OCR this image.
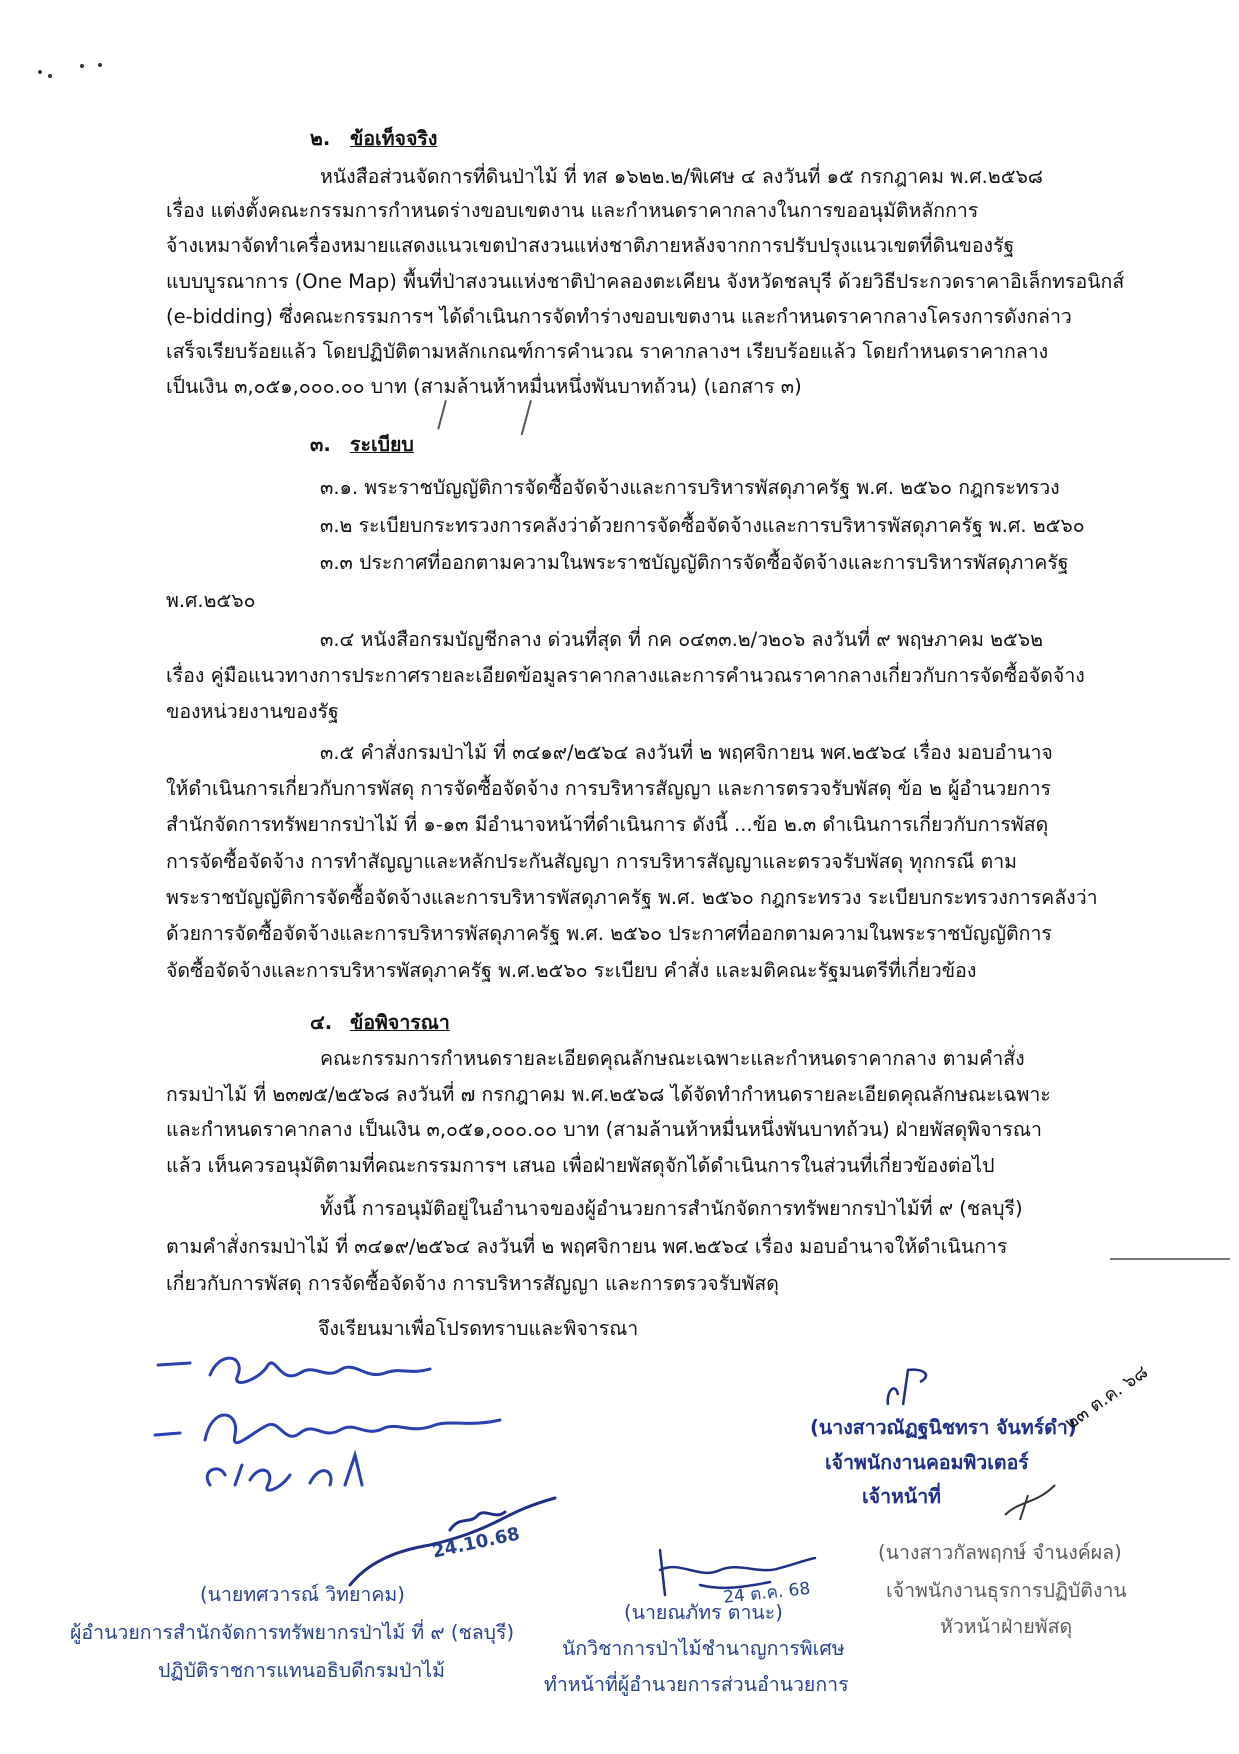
๒. ข้อเท็จจริง
หนังสือส่วนจัดการที่ดินป่าไม้ ที่ ทส ๑๖๒๒.๒/พิเศษ ๔ ลงวันที่ ๑๕ กรกฎาคม พ.ศ.๒๕๖๘
เรื่อง แต่งตั้งคณะกรรมการกำหนดร่างขอบเขตงาน และกำหนดราคากลางในการขออนุมัติหลักการ
จ้างเหมาจัดทำเครื่องหมายแสดงแนวเขตป่าสงวนแห่งชาติภายหลังจากการปรับปรุงแนวเขตที่ดินของรัฐ
แบบบูรณาการ (One Map) พื้นที่ป่าสงวนแห่งชาติป่าคลองตะเคียน จังหวัดชลบุรี ด้วยวิธีประกวดราคาอิเล็กทรอนิกส์
(e-bidding) ซึ่งคณะกรรมการฯ ได้ดำเนินการจัดทำร่างขอบเขตงาน และกำหนดราคากลางโครงการดังกล่าว
เสร็จเรียบร้อยแล้ว โดยปฏิบัติตามหลักเกณฑ์การคำนวณ ราคากลางฯ เรียบร้อยแล้ว โดยกำหนดราคากลาง
เป็นเงิน ๓,๐๕๑,๐๐๐.๐๐ บาท (สามล้านห้าหมื่นหนึ่งพันบาทถ้วน) (เอกสาร ๓)
๓. ระเบียบ
๓.๑. พระราชบัญญัติการจัดซื้อจัดจ้างและการบริหารพัสดุภาครัฐ พ.ศ. ๒๕๖๐ กฎกระทรวง
๓.๒ ระเบียบกระทรวงการคลังว่าด้วยการจัดซื้อจัดจ้างและการบริหารพัสดุภาครัฐ พ.ศ. ๒๕๖๐
๓.๓ ประกาศที่ออกตามความในพระราชบัญญัติการจัดซื้อจัดจ้างและการบริหารพัสดุภาครัฐ
พ.ศ.๒๕๖๐
๓.๔ หนังสือกรมบัญชีกลาง ด่วนที่สุด ที่ กค ๐๔๓๓.๒/ว๒๐๖ ลงวันที่ ๙ พฤษภาคม ๒๕๖๒
เรื่อง คู่มือแนวทางการประกาศรายละเอียดข้อมูลราคากลางและการคำนวณราคากลางเกี่ยวกับการจัดซื้อจัดจ้าง
ของหน่วยงานของรัฐ
๓.๕ คำสั่งกรมป่าไม้ ที่ ๓๔๑๙/๒๕๖๔ ลงวันที่ ๒ พฤศจิกายน พศ.๒๕๖๔ เรื่อง มอบอำนาจ
ให้ดำเนินการเกี่ยวกับการพัสดุ การจัดซื้อจัดจ้าง การบริหารสัญญา และการตรวจรับพัสดุ ข้อ ๒ ผู้อำนวยการ
สำนักจัดการทรัพยากรป่าไม้ ที่ ๑-๑๓ มีอำนาจหน้าที่ดำเนินการ ดังนี้ ...ข้อ ๒.๓ ดำเนินการเกี่ยวกับการพัสดุ
การจัดซื้อจัดจ้าง การทำสัญญาและหลักประกันสัญญา การบริหารสัญญาและตรวจรับพัสดุ ทุกกรณี ตาม
พระราชบัญญัติการจัดซื้อจัดจ้างและการบริหารพัสดุภาครัฐ พ.ศ. ๒๕๖๐ กฎกระทรวง ระเบียบกระทรวงการคลังว่า
ด้วยการจัดซื้อจัดจ้างและการบริหารพัสดุภาครัฐ พ.ศ. ๒๕๖๐ ประกาศที่ออกตามความในพระราชบัญญัติการ
จัดซื้อจัดจ้างและการบริหารพัสดุภาครัฐ พ.ศ.๒๕๖๐ ระเบียบ คำสั่ง และมติคณะรัฐมนตรีที่เกี่ยวข้อง
๔. ข้อพิจารณา
คณะกรรมการกำหนดรายละเอียดคุณลักษณะเฉพาะและกำหนดราคากลาง ตามคำสั่ง
กรมป่าไม้ ที่ ๒๓๗๕/๒๕๖๘ ลงวันที่ ๗ กรกฎาคม พ.ศ.๒๕๖๘ ได้จัดทำกำหนดรายละเอียดคุณลักษณะเฉพาะ
และกำหนดราคากลาง เป็นเงิน ๓,๐๕๑,๐๐๐.๐๐ บาท (สามล้านห้าหมื่นหนึ่งพันบาทถ้วน) ฝ่ายพัสดุพิจารณา
แล้ว เห็นควรอนุมัติตามที่คณะกรรมการฯ เสนอ เพื่อฝ่ายพัสดุจักได้ดำเนินการในส่วนที่เกี่ยวข้องต่อไป
ทั้งนี้ การอนุมัติอยู่ในอำนาจของผู้อำนวยการสำนักจัดการทรัพยากรป่าไม้ที่ ๙ (ชลบุรี)
ตามคำสั่งกรมป่าไม้ ที่ ๓๔๑๙/๒๕๖๔ ลงวันที่ ๒ พฤศจิกายน พศ.๒๕๖๔ เรื่อง มอบอำนาจให้ดำเนินการ
เกี่ยวกับการพัสดุ การจัดซื้อจัดจ้าง การบริหารสัญญา และการตรวจรับพัสดุ
จึงเรียนมาเพื่อโปรดทราบและพิจารณา
(นางสาวณัฏฐนิชทรา จันทร์ดำ)
เจ้าพนักงานคอมพิวเตอร์
เจ้าหน้าที่
๒๓ ต.ค. ๖๘
(นางสาวกัลพฤกษ์ จำนงค์ผล)
เจ้าพนักงานธุรการปฏิบัติงาน
หัวหน้าฝ่ายพัสดุ
24.10.68
(นายทศวารณ์ วิทยาคม)
ผู้อำนวยการสำนักจัดการทรัพยากรป่าไม้ ที่ ๙ (ชลบุรี)
ปฏิบัติราชการแทนอธิบดีกรมป่าไม้
24 ต.ค. 68
(นายณภัทร ตานะ)
นักวิชาการป่าไม้ชำนาญการพิเศษ
ทำหน้าที่ผู้อำนวยการส่วนอำนวยการ
